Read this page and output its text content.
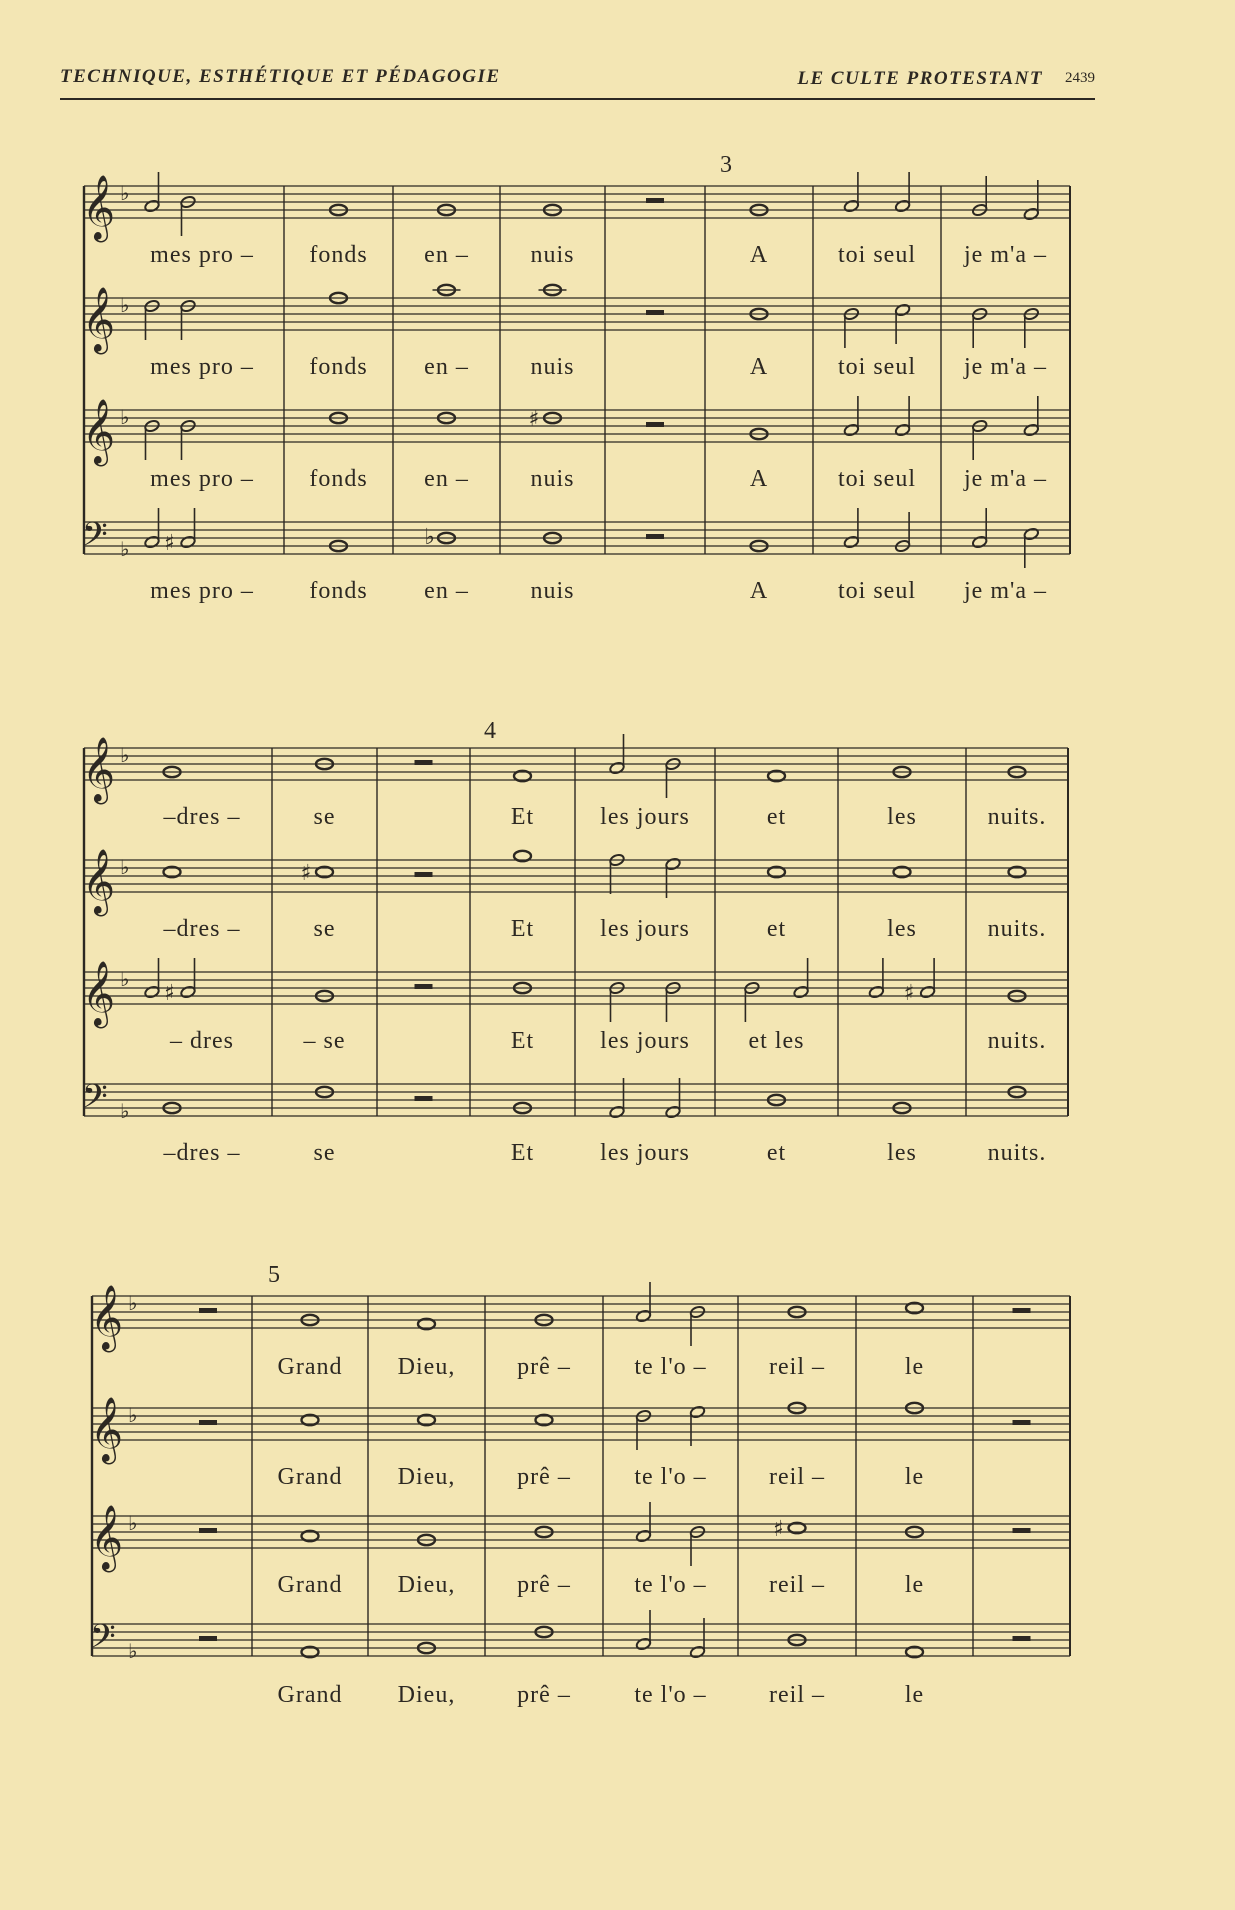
TECHNIQUE, ESTHÉTIQUE ET PÉDAGOGIE	LE CULTE PROTESTANT 2439
3
𝄞 ♭
mes pro – fonds en –	nuis	A	toi seul je m'a –
𝄞 ♭
mes pro – fonds en –	nuis	A	toi seul je m'a –
𝄞 ♭	♯
mes pro – fonds en –	nuis	A	toi seul je m'a –
𝄢 ♭ ♯	♭
mes pro – fonds en –	nuis	A	toi seul je m'a –
4
𝄞 ♭
–dres –	se	Et	les jours	et	les	nuits.
𝄞 ♭	♯
–dres –	se	Et	les jours	et	les	nuits.
𝄞 ♭
♯	♯
– dres	– se	Et	les jours et les	nuits.
𝄢 ♭
–dres –	se	Et	les jours	et	les	nuits.
5
𝄞 ♭
Grand Dieu,	prê –	te l'o –	reil –	le
𝄞 ♭
Grand Dieu,	prê –	te l'o –	reil –	le
𝄞 ♭	♯
Grand Dieu,	prê –	te l'o –	reil –	le
𝄢 ♭
Grand Dieu,	prê –	te l'o –	reil –	le
